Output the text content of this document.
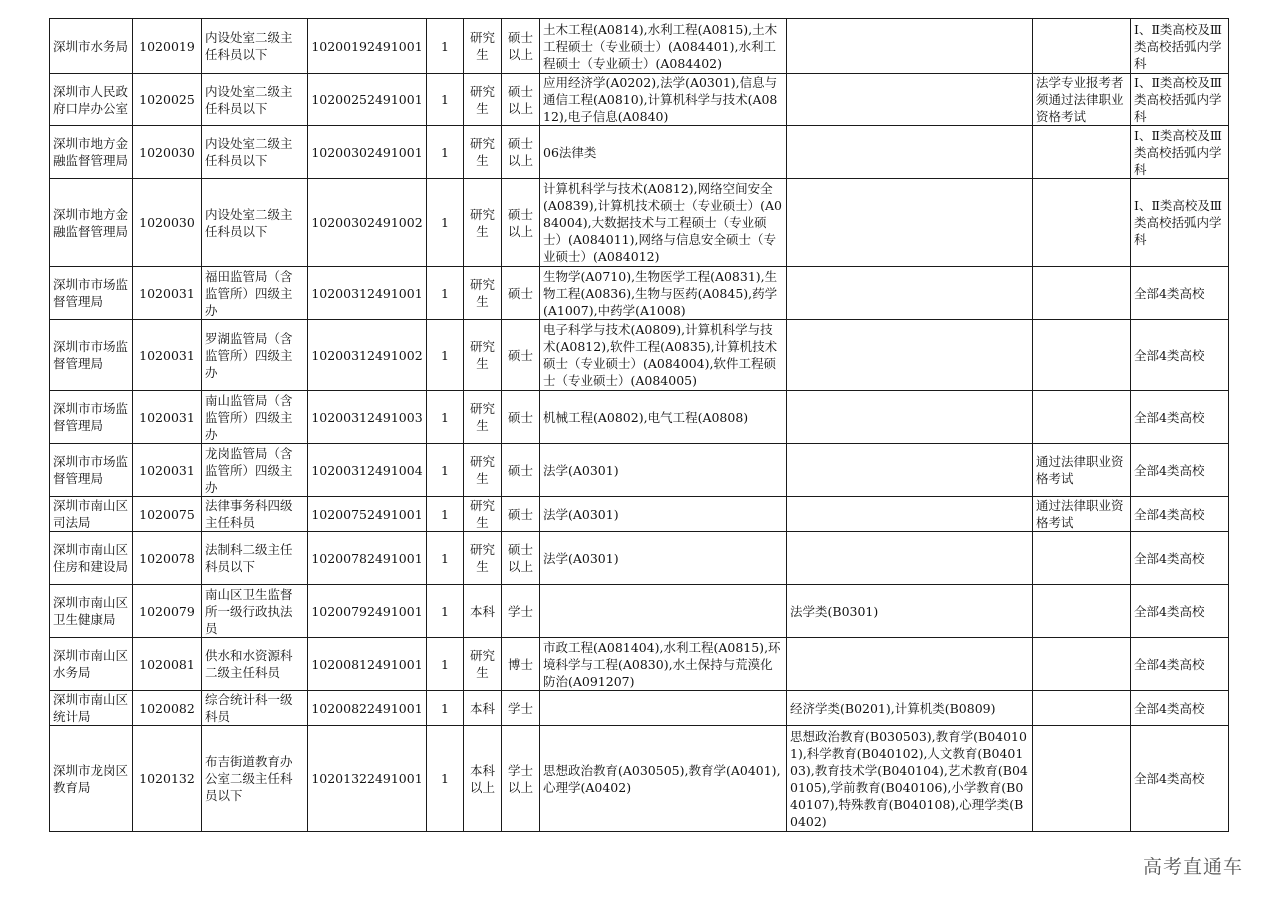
深圳市水务局	1020019	内设处室二级主任科员以下	10200192491001	1	研究生	硕士以上	土木工程(A0814),水利工程(A0815),土木工程硕士（专业硕士）(A084401),水利工程硕士（专业硕士）(A084402)			Ⅰ、Ⅱ类高校及Ⅲ类高校括弧内学科
深圳市人民政府口岸办公室	1020025	内设处室二级主任科员以下	10200252491001	1	研究生	硕士以上	应用经济学(A0202),法学(A0301),信息与通信工程(A0810),计算机科学与技术(A0812),电子信息(A0840)		法学专业报考者须通过法律职业资格考试	Ⅰ、Ⅱ类高校及Ⅲ类高校括弧内学科
深圳市地方金融监督管理局	1020030	内设处室二级主任科员以下	10200302491001	1	研究生	硕士以上	06法律类			Ⅰ、Ⅱ类高校及Ⅲ类高校括弧内学科
深圳市地方金融监督管理局	1020030	内设处室二级主任科员以下	10200302491002	1	研究生	硕士以上	计算机科学与技术(A0812),网络空间安全(A0839),计算机技术硕士（专业硕士）(A084004),大数据技术与工程硕士（专业硕士）(A084011),网络与信息安全硕士（专业硕士）(A084012)			Ⅰ、Ⅱ类高校及Ⅲ类高校括弧内学科
深圳市市场监督管理局	1020031	福田监管局（含监管所）四级主办	10200312491001	1	研究生	硕士	生物学(A0710),生物医学工程(A0831),生物工程(A0836),生物与医药(A0845),药学(A1007),中药学(A1008)			全部4类高校
深圳市市场监督管理局	1020031	罗湖监管局（含监管所）四级主办	10200312491002	1	研究生	硕士	电子科学与技术(A0809),计算机科学与技术(A0812),软件工程(A0835),计算机技术硕士（专业硕士）(A084004),软件工程硕士（专业硕士）(A084005)			全部4类高校
深圳市市场监督管理局	1020031	南山监管局（含监管所）四级主办	10200312491003	1	研究生	硕士	机械工程(A0802),电气工程(A0808)			全部4类高校
深圳市市场监督管理局	1020031	龙岗监管局（含监管所）四级主办	10200312491004	1	研究生	硕士	法学(A0301)		通过法律职业资格考试	全部4类高校
深圳市南山区司法局	1020075	法律事务科四级主任科员	10200752491001	1	研究生	硕士	法学(A0301)		通过法律职业资格考试	全部4类高校
深圳市南山区住房和建设局	1020078	法制科二级主任科员以下	10200782491001	1	研究生	硕士以上	法学(A0301)			全部4类高校
深圳市南山区卫生健康局	1020079	南山区卫生监督所一级行政执法员	10200792491001	1	本科	学士		法学类(B0301)		全部4类高校
深圳市南山区水务局	1020081	供水和水资源科二级主任科员	10200812491001	1	研究生	博士	市政工程(A081404),水利工程(A0815),环境科学与工程(A0830),水土保持与荒漠化防治(A091207)			全部4类高校
深圳市南山区统计局	1020082	综合统计科一级科员	10200822491001	1	本科	学士		经济学类(B0201),计算机类(B0809)		全部4类高校
深圳市龙岗区教育局	1020132	布吉街道教育办公室二级主任科员以下	10201322491001	1	本科以上	学士以上	思想政治教育(A030505),教育学(A0401),心理学(A0402)	思想政治教育(B030503),教育学(B040101),科学教育(B040102),人文教育(B040103),教育技术学(B040104),艺术教育(B040105),学前教育(B040106),小学教育(B040107),特殊教育(B040108),心理学类(B0402)		全部4类高校
高考直通车
